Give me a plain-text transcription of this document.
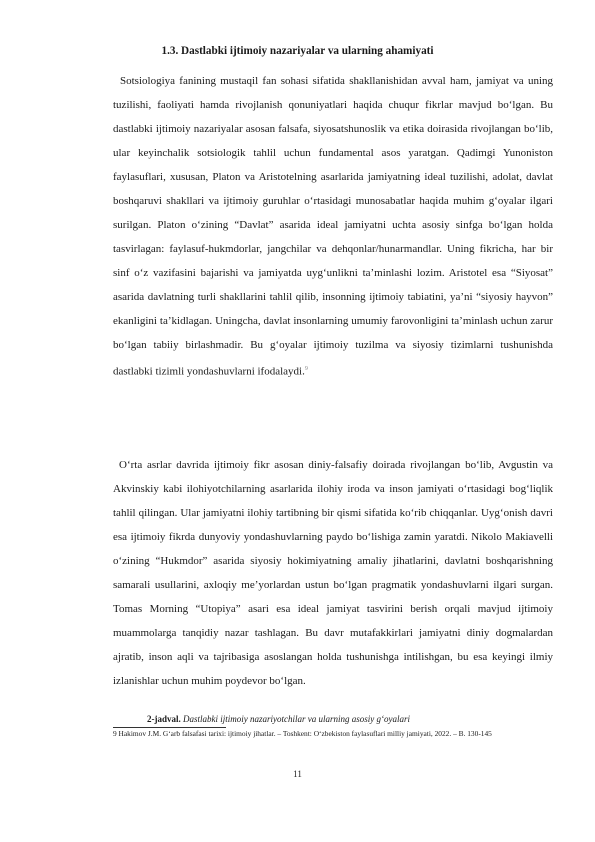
1.3. Dastlabki ijtimoiy nazariyalar va ularning ahamiyati

Sotsiologiya fanining mustaqil fan sohasi sifatida shakllanishidan avval ham, jamiyat va uning tuzilishi, faoliyati hamda rivojlanish qonuniyatlari haqida chuqur fikrlar mavjud bo‘lgan. Bu dastlabki ijtimoiy nazariyalar asosan falsafa, siyosatshunoslik va etika doirasida rivojlangan bo‘lib, ular keyinchalik sotsiologik tahlil uchun fundamental asos yaratgan. Qadimgi Yunoniston faylasuflari, xususan, Platon va Aristotelning asarlarida jamiyatning ideal tuzilishi, adolat, davlat boshqaruvi shakllari va ijtimoiy guruhlar o‘rtasidagi munosabatlar haqida muhim g‘oyalar ilgari surilgan. Platon o‘zining “Davlat” asarida ideal jamiyatni uchta asosiy sinfga bo‘lgan holda tasvirlagan: faylasuf-hukmdorlar, jangchilar va dehqonlar/hunarmandlar. Uning fikricha, har bir sinf o‘z vazifasini bajarishi va jamiyatda uyg‘unlikni ta’minlashi lozim. Aristotel esa “Siyosat” asarida davlatning turli shakllarini tahlil qilib, insonning ijtimoiy tabiatini, ya’ni “siyosiy hayvon” ekanligini ta’kidlagan. Uningcha, davlat insonlarning umumiy farovonligini ta’minlash uchun zarur bo‘lgan tabiiy birlashmadir. Bu g‘oyalar ijtimoiy tuzilma va siyosiy tizimlarni tushunishda dastlabki tizimli yondashuvlarni ifodalaydi.$^9$

O‘rta asrlar davrida ijtimoiy fikr asosan diniy-falsafiy doirada rivojlangan bo‘lib, Avgustin va Akvinskiy kabi ilohiyotchilarning asarlarida ilohiy iroda va inson jamiyati o‘rtasidagi bog‘liqlik tahlil qilingan. Ular jamiyatni ilohiy tartibning bir qismi sifatida ko‘rib chiqqanlar. Uyg‘onish davri esa ijtimoiy fikrda dunyoviy yondashuvlarning paydo bo‘lishiga zamin yaratdi. Nikolo Makiavelli o‘zining “Hukmdor” asarida siyosiy hokimiyatning amaliy jihatlarini, davlatni boshqarishning samarali usullarini, axloqiy me’yorlardan ustun bo‘lgan pragmatik yondashuvlarni ilgari surgan. Tomas Morning “Utopiya” asari esa ideal jamiyat tasvirini berish orqali mavjud ijtimoiy muammolarga tanqidiy nazar tashlagan. Bu davr mutafakkirlari jamiyatni diniy dogmalardan ajratib, inson aqli va tajribasiga asoslangan holda tushunishga intilishgan, bu esa keyingi ilmiy izlanishlar uchun muhim poydevor bo‘lgan.

2-jadval. Dastlabki ijtimoiy nazariyotchilar va ularning asosiy g‘oyalari
9 Hakimov J.M. G‘arb falsafasi tarixi: ijtimoiy jihatlar. – Toshkent: O‘zbekiston faylasuflari milliy jamiyati, 2022. – B. 130-145
11
